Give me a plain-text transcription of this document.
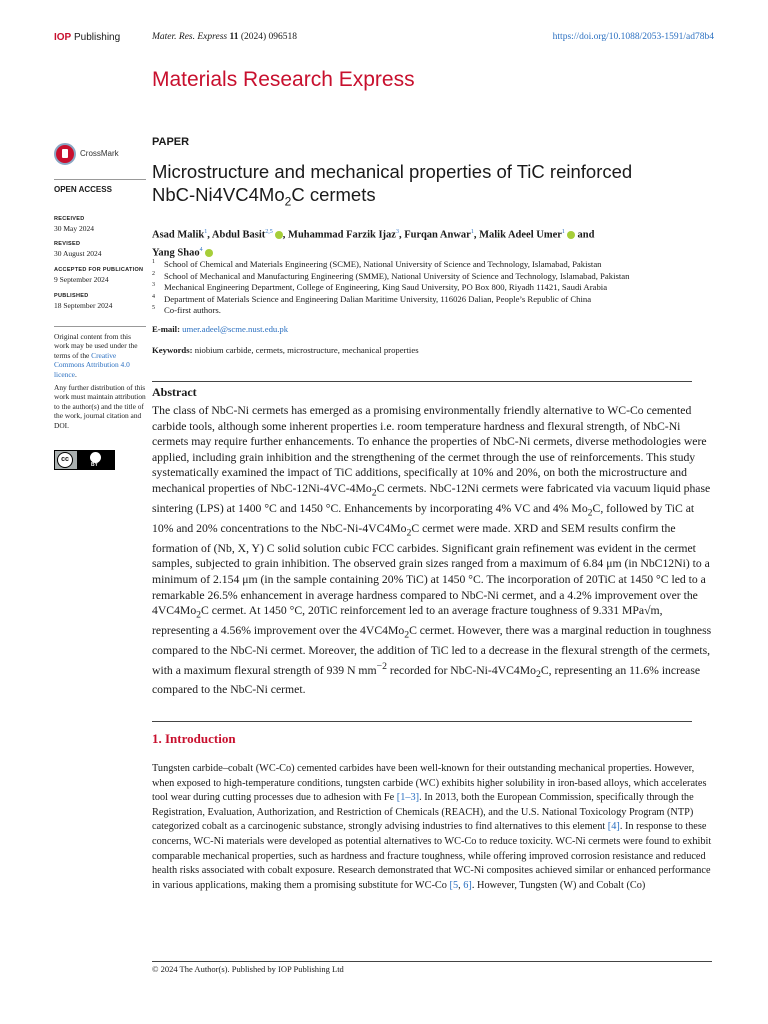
IOP Publishing	Mater. Res. Express 11 (2024) 096518	https://doi.org/10.1088/2053-1591/ad78b4
Materials Research Express
CrossMark
OPEN ACCESS
RECEIVED
30 May 2024
REVISED
30 August 2024
ACCEPTED FOR PUBLICATION
9 September 2024
PUBLISHED
18 September 2024
Original content from this work may be used under the terms of the Creative Commons Attribution 4.0 licence.
Any further distribution of this work must maintain attribution to the author(s) and the title of the work, journal citation and DOI.
cc
BY
PAPER
Microstructure and mechanical properties of TiC reinforced
NbC-$Ni4VC4Mo_2C$ cermets
Asad Malik$^1$, Abdul Basit$^{2,5}$ , Muhammad Farzik Ijaz$^3$, Furqan Anwar$^1$, Malik Adeel Umer$^1$ and
Yang Shao$^4$
1 School of Chemical and Materials Engineering (SCME), National University of Science and Technology, Islamabad, Pakistan
2 School of Mechanical and Manufacturing Engineering (SMME), National University of Science and Technology, Islamabad, Pakistan
3 Mechanical Engineering Department, College of Engineering, King Saud University, PO Box 800, Riyadh 11421, Saudi Arabia
4 Department of Materials Science and Engineering Dalian Maritime University, 116026 Dalian, People’s Republic of China
5 Co-first authors.
E-mail: umer.adeel@scme.nust.edu.pk
Keywords: niobium carbide, cermets, microstructure, mechanical properties
Abstract
The class of NbC-Ni cermets has emerged as a promising environmentally friendly alternative to WC-Co cemented carbide tools, although some inherent properties i.e. room temperature hardness and flexural strength, of NbC-Ni cermets may require further enhancements. To enhance the properties of NbC-Ni cermets, diverse methodologies were applied, including grain inhibition and the strengthening of the cermet through the use of reinforcements. This study systematically examined the impact of TiC additions, specifically at 10% and 20%, on both the microstructure and mechanical properties of NbC-$12Ni-4VC-4Mo_2C$ cermets. NbC-12Ni cermets were fabricated via vacuum liquid phase sintering (LPS) at 1400 °C and 1450 °C. Enhancements by incorporating 4% VC and 4% $Mo_2C$, followed by TiC at 10% and 20% concentrations to the NbC-$Ni-4VC4Mo_2C$ cermet were made. XRD and SEM results confirm the formation of (Nb, X, Y) C solid solution cubic FCC carbides. Significant grain refinement was evident in the cermet samples, subjected to grain inhibition. The observed grain sizes ranged from a maximum of 6.84 μm (in NbC12Ni) to a minimum of 2.154 μm (in the sample containing 20% TiC) at 1450 °C. The incorporation of 20TiC at 1450 °C led to a remarkable 26.5% enhancement in average hardness compared to NbC-Ni cermet, and a 4.2% improvement over the $4VC4Mo_2C$ cermet. At 1450 °C, 20TiC reinforcement led to an average fracture toughness of 9.331 MPa√m, representing a 4.56% improvement over the $4VC4Mo_2C$ cermet. However, there was a marginal reduction in toughness compared to the NbC-Ni cermet. Moreover, the addition of TiC led to a decrease in the flexural strength of the cermets, with a maximum flexural strength of 939 N $mm^{-2}$ recorded for NbC-$Ni-4VC4Mo_2C$, representing an 11.6% increase compared to the NbC-Ni cermet.
1. Introduction
Tungsten carbide–cobalt (WC-Co) cemented carbides have been well-known for their outstanding mechanical properties. However, when exposed to high-temperature conditions, tungsten carbide (WC) exhibits higher solubility in iron-based alloys, which accelerates tool wear during cutting processes due to adhesion with Fe [1–3]. In 2013, both the European Commission, specifically through the Registration, Evaluation, Authorization, and Restriction of Chemicals (REACH), and the U.S. National Toxicology Program (NTP) categorized cobalt as a carcinogenic substance, strongly advising industries to find alternatives to this element [4]. In response to these concerns, WC-Ni materials were developed as potential alternatives to WC-Co to reduce toxicity. WC-Ni cermets were found to exhibit comparable mechanical properties, such as hardness and fracture toughness, while offering improved corrosion resistance and reduced health risks associated with cobalt exposure. Research demonstrated that WC-Ni composites achieved similar or enhanced performance in various applications, making them a promising substitute for WC-Co [5, 6]. However, Tungsten (W) and Cobalt (Co)
© 2024 The Author(s). Published by IOP Publishing Ltd
